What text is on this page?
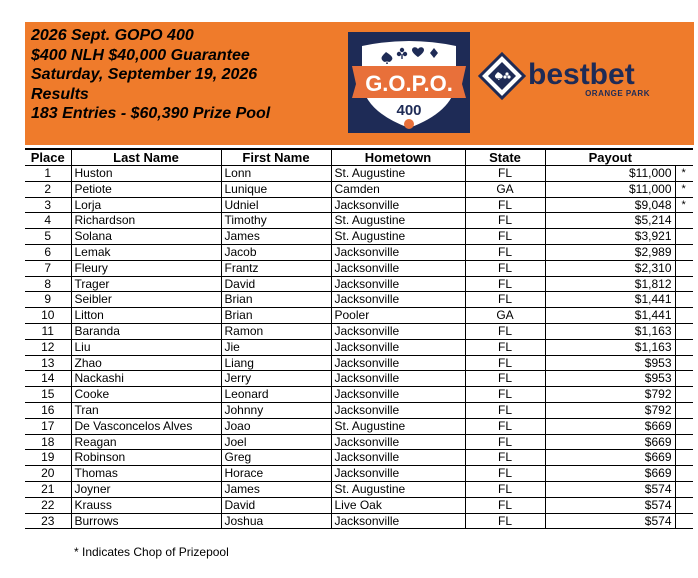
2026 Sept. GOPO 400
$400 NLH $40,000 Guarantee
Saturday, September 19, 2026
Results
183 Entries - $60,390 Prize Pool
G.O.P.O.
400
bestbet
ORANGE PARK
Place	Last Name	First Name	Hometown	State	Payout	
1	Huston	Lonn	St. Augustine	FL	$11,000	*
2	Petiote	Lunique	Camden	GA	$11,000	*
3	Lorja	Udniel	Jacksonville	FL	$9,048	*
4	Richardson	Timothy	St. Augustine	FL	$5,214	
5	Solana	James	St. Augustine	FL	$3,921	
6	Lemak	Jacob	Jacksonville	FL	$2,989	
7	Fleury	Frantz	Jacksonville	FL	$2,310	
8	Trager	David	Jacksonville	FL	$1,812	
9	Seibler	Brian	Jacksonville	FL	$1,441	
10	Litton	Brian	Pooler	GA	$1,441	
11	Baranda	Ramon	Jacksonville	FL	$1,163	
12	Liu	Jie	Jacksonville	FL	$1,163	
13	Zhao	Liang	Jacksonville	FL	$953	
14	Nackashi	Jerry	Jacksonville	FL	$953	
15	Cooke	Leonard	Jacksonville	FL	$792	
16	Tran	Johnny	Jacksonville	FL	$792	
17	De Vasconcelos Alves	Joao	St. Augustine	FL	$669	
18	Reagan	Joel	Jacksonville	FL	$669	
19	Robinson	Greg	Jacksonville	FL	$669	
20	Thomas	Horace	Jacksonville	FL	$669	
21	Joyner	James	St. Augustine	FL	$574	
22	Krauss	David	Live Oak	FL	$574	
23	Burrows	Joshua	Jacksonville	FL	$574	
* Indicates Chop of Prizepool
